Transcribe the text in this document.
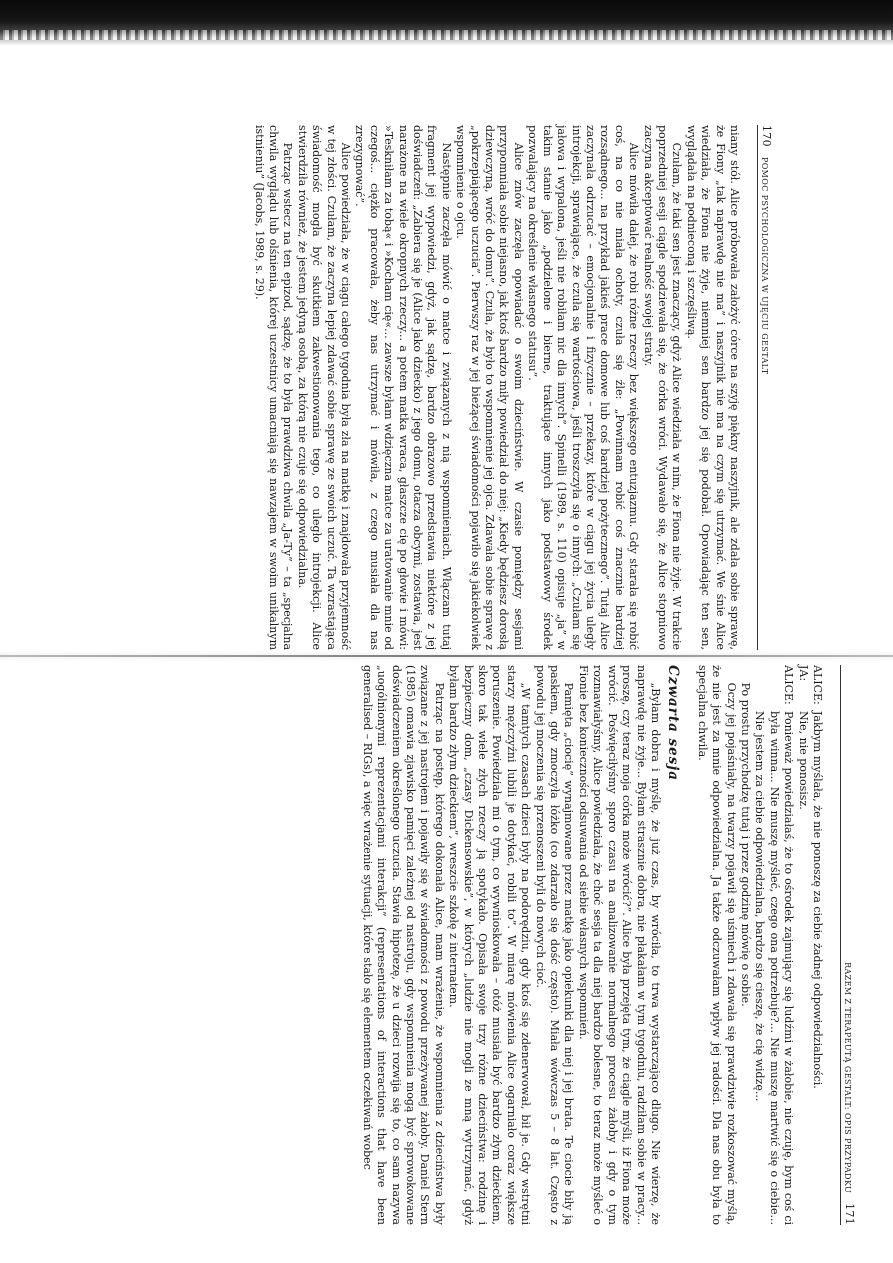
170
POMOC PSYCHOLOGICZNA W UJĘCIU GESTALT

niany stół. Alice próbowała założyć córce na szyję piękny naszyjnik, ale zdała sobie sprawę, że Fiony „tak naprawdę nie ma” i naszyjnik nie ma na czym się utrzymać. We śnie Alice wiedziała, że Fiona nie żyje, niemniej sen bardzo jej się podobał. Opowiadając ten sen, wyglądała na podnieconą i szczęśliwą.

Czułam, że taki sen jest znaczący, gdyż Alice wiedziała w nim, że Fiona nie żyje. W trakcie poprzedniej sesji ciągle spodziewała się, że córka wróci. Wydawało się, że Alice stopniowo zaczyna akceptować realność swojej straty.

Alice mówiła dalej, że robi różne rzeczy bez większego entuzjazmu. Gdy starała się robić coś, na co nie miała ochoty, czuła się źle: „Powinnam robić coś znacznie bardziej rozsądnego... na przykład jakieś prace domowe lub coś bardziej pożytecznego”. Tutaj Alice zaczynała odrzucać – emocjonalnie i fizycznie – przekazy, które w ciągu jej życia uległy introjekcji, sprawiające, że czuła się wartościowa, jeśli troszczyła się o innych: „Czułam się jałowa i wypalona, jeśli nie robiłam nic dla innych”. Spinelli (1989, s. 110) opisuje „ja” w takim stanie jako „podzielone i bierne, traktujące innych jako podstawowy środek pozwalający na określenie własnego statusu”.

Alice znów zaczęła opowiadać o swoim dzieciństwie. W czasie pomiędzy sesjami przypomniała sobie niejasno, jak ktoś bardzo miły powiedział do niej: „Kiedy będziesz dorosłą dziewczyną, wróć do domu”. Czuła, że było to wspomnienie jej ojca. Zdawała sobie sprawę z „pokrzepiającego uczucia”. Pierwszy raz w jej bieżącej świadomości pojawiło się jakiekolwiek wspomnienie o ojcu.

Następnie zaczęła mówić o matce i związanych z nią wspomnieniach. Włączam tutaj fragment jej wypowiedzi, gdyż, jak sądzę, bardzo obrazowo przedstawia niektóre z jej doświadczeń: „Zabiera się je (Alice jako dziecko) z jego domu, otacza obcymi, zostawia, jest narażone na wiele okropnych rzeczy... a potem matka wraca, głaszcze cię po głowie i mówi: »Teskniłam za tobą« i »Kocham cię«... zawsze byłam wdzięczna matce za uratowanie mnie od czegoś... ciężko pracowała, żeby nas utrzymać i mówiła, z czego musiała dla nas zrezygnować”.

Alice powiedziała, że w ciągu całego tygodnia była zła na matkę i znajdowała przyjemność w tej złości. Czułam, że zaczyna lepiej zdawać sobie sprawę ze swoich uczuć. Ta wzrastająca świadomość mogła być skutkiem zakwestionowania tego, co uległo introjekcji. Alice stwierdziła również, że jestem jedyną osobą, za którą nie czuje się odpowiedzialna.

Patrząc wstecz na ten epizod, sądzę, że to była prawdziwa chwila „Ja-Ty” – ta „specjalna chwila wyglądu lub olśnienia, której uczestnicy umacniają się nawzajem w swoim unikalnym istnieniu” (Jacobs, 1989, s. 29).

RAZEM Z TERAPEUTĄ GESTALT: OPIS PRZYPADKU
171
ALICE:
Jakbym myślała, że nie ponoszę za ciebie żadnej odpowiedzialności.
JA:
Nie, nie ponosisz.
ALICE:
Ponieważ powiedziałaś, że to ośrodek zajmujący się ludźmi w żałobie, nie czuję, bym coś ci była winna... Nie muszę myśleć, czego ona potrzebuje?... Nie muszę martwić się o ciebie... Nie jestem za ciebie odpowiedzialna, bardzo się cieszę, że cię widzę...

Po prostu przychodzę tutaj i przez godzinę mówię o sobie.

Oczy jej pojaśniały, na twarzy pojawił się uśmiech i zdawała się prawdziwie rozkoszować myślą, że nie jest za mnie odpowiedzialna. Ja także odczuwałam wpływ jej radości. Dla nas obu była to specjalna chwila.

Czwarta sesja

„Byłam dobra i myślę, że już czas, by wróciła, to trwa wystarczająco długo. Nie wierzę, że naprawdę nie żyje... Byłam strasznie dobra, nie płakałam w tym tygodniu, radziłam sobie w pracy... proszę, czy teraz moja córka może wrócić?”. Alice była przejęta tym, że ciągle myśli, iż Fiona może wrócić. Poświęciłyśmy sporo czasu na analizowanie normalnego procesu żałoby i gdy o tym rozmawiałyśmy, Alice powiedziała, że choć sesja ta dla niej bardzo bolesne, to teraz może myśleć o Fionie bez konieczności odsuwania od siebie własnych wspomnień.

Pamięta „ciocię” wynajmowane przez matkę jako opiekunki dla niej i jej brata. Te ciocie biły ją paskiem, gdy zmoczyła łóżko (co zdarzało się dość często). Miała wówczas 5 – 8 lat. Często z powodu jej moczenia się przenoszeni byli do nowych cioć.

„W tamtych czasach dzieci były na podorędziu, gdy ktoś się zdenerwował, bił je. Gdy wstrętni starzy mężczyźni lubili je dotykać, robili to”. W miarę mówienia Alice ogarniało coraz większe poruszenie. Powiedziała mi o tym, co wywnioskowała – otóż musiała być bardzo złym dzieckiem, skoro tak wiele złych rzeczy ją spotykało. Opisała swoje trzy różne dzieciństwa: rodzinę i bezpieczny dom, „czasy Dickensowskie”, w których „ludzie nie mogli ze mną wytrzymać, gdyż byłam bardzo złym dzieckiem”, wreszcie szkołę z internatem.

Patrząc na postęp, którego dokonała Alice, mam wrażenie, że wspomnienia z dzieciństwa były związane z jej nastrojem i pojawiły się w świadomości z powodu przeżywanej żałoby. Daniel Stern (1985) omawia zjawisko pamięci zależnej od nastroju, gdy wspomnienia mogą być sprowokowane doświadczeniem określonego uczucia. Stawia hipotezę, że u dzieci rozwija się to, co sam nazywa „uogólnionymi reprezentacjami interakcji” (representations of interactions that have been generalised – RIGs), a więc wrażenie sytuacji, które stało się elementem oczekiwań wobec
